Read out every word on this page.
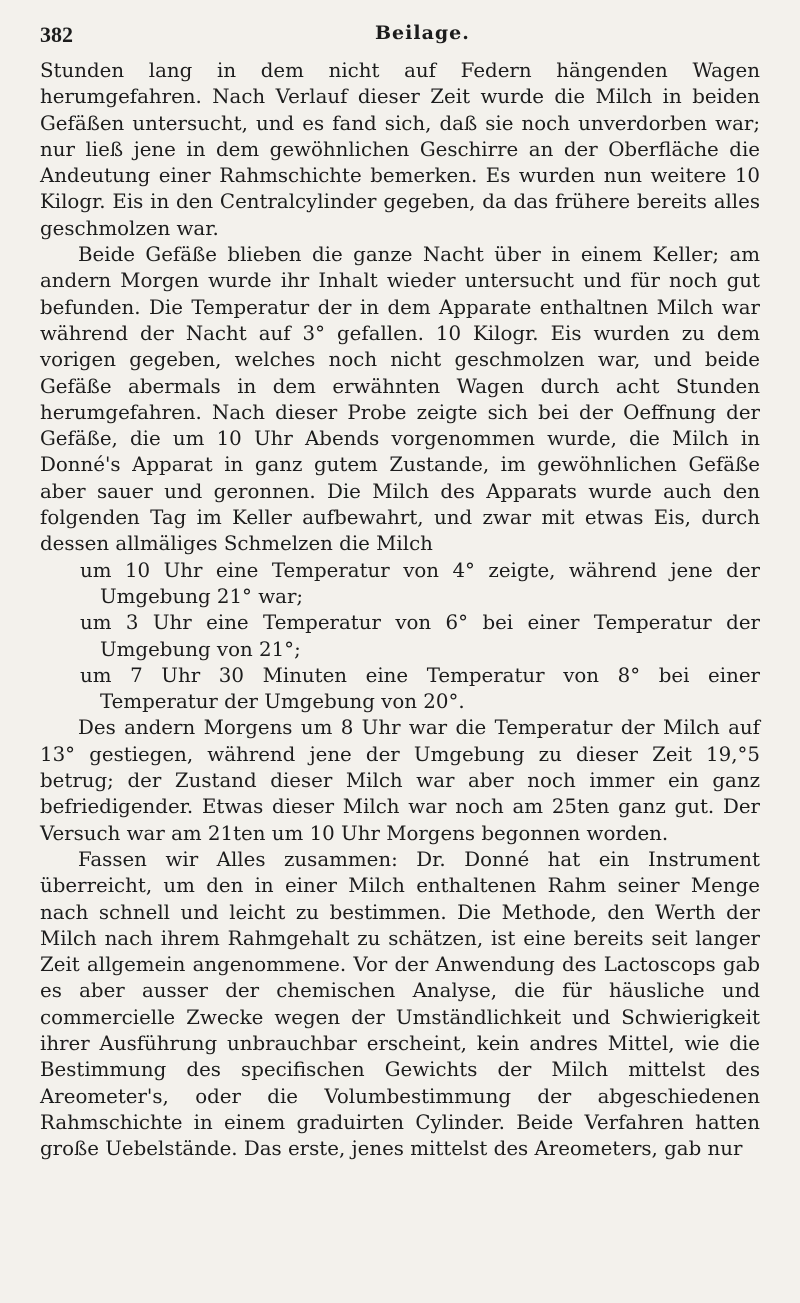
382	Beilage.

Stunden lang in dem nicht auf Federn hängenden Wagen herumgefahren. Nach Verlauf dieser Zeit wurde die Milch in beiden Gefäßen untersucht, und es fand sich, daß sie noch unverdorben war; nur ließ jene in dem gewöhnlichen Geschirre an der Oberfläche die Andeutung einer Rahmschichte bemerken. Es wurden nun weitere 10 Kilogr. Eis in den Centralcylinder gegeben, da das frühere bereits alles geschmolzen war.

Beide Gefäße blieben die ganze Nacht über in einem Keller; am andern Morgen wurde ihr Inhalt wieder untersucht und für noch gut befunden. Die Temperatur der in dem Apparate enthaltnen Milch war während der Nacht auf 3° gefallen. 10 Kilogr. Eis wurden zu dem vorigen gegeben, welches noch nicht geschmolzen war, und beide Gefäße abermals in dem erwähnten Wagen durch acht Stunden herumgefahren. Nach dieser Probe zeigte sich bei der Oeffnung der Gefäße, die um 10 Uhr Abends vorgenommen wurde, die Milch in Donné's Apparat in ganz gutem Zustande, im gewöhnlichen Gefäße aber sauer und geronnen. Die Milch des Apparats wurde auch den folgenden Tag im Keller aufbewahrt, und zwar mit etwas Eis, durch dessen allmäliges Schmelzen die Milch

um 10 Uhr eine Temperatur von 4° zeigte, während jene der Umgebung 21° war;
um 3 Uhr eine Temperatur von 6° bei einer Temperatur der Umgebung von 21°;
um 7 Uhr 30 Minuten eine Temperatur von 8° bei einer Temperatur der Umgebung von 20°.

Des andern Morgens um 8 Uhr war die Temperatur der Milch auf 13° gestiegen, während jene der Umgebung zu dieser Zeit 19,°5 betrug; der Zustand dieser Milch war aber noch immer ein ganz befriedigender. Etwas dieser Milch war noch am 25ten ganz gut. Der Versuch war am 21ten um 10 Uhr Morgens begonnen worden.

Fassen wir Alles zusammen: Dr. Donné hat ein Instrument überreicht, um den in einer Milch enthaltenen Rahm seiner Menge nach schnell und leicht zu bestimmen. Die Methode, den Werth der Milch nach ihrem Rahmgehalt zu schätzen, ist eine bereits seit langer Zeit allgemein angenommene. Vor der Anwendung des Lactoscops gab es aber ausser der chemischen Analyse, die für häusliche und commercielle Zwecke wegen der Umständlichkeit und Schwierigkeit ihrer Ausführung unbrauchbar erscheint, kein andres Mittel, wie die Bestimmung des specifischen Gewichts der Milch mittelst des Areometer's, oder die Volumbestimmung der abgeschiedenen Rahmschichte in einem graduirten Cylinder. Beide Verfahren hatten große Uebelstände. Das erste, jenes mittelst des Areometers, gab nur
